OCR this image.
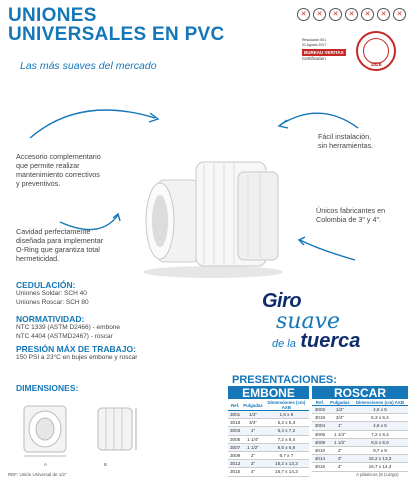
UNIONES
UNIVERSALES EN PVC
Las más suaves del mercado
✕	✕	✕	✕	✕	✕	✕
Resolución 501
01 Agosto 2017
BUREAU VERITAS
Certification
1828
Accesorio complementario
que permite realizar
mantenimiento correctivos
y preventivos.
Cavidad perfectamente
diseñada para implementar
O-Ring que garantiza total
hermeticidad.
Fácil instalación,
sin herramientas.
Únicos fabricantes en
Colombia de 3" y 4".
CEDULACIÓN:
Uniones Soldar: SCH 40
Uniones Roscar: SCH 80
NORMATIVIDAD:
NTC 1339 (ASTM D2466) - embone
NTC 4404 (ASTMD2467) - roscar
PRESIÓN MÁX DE TRABAJO:
150 PSI a 23°C en bujes embone y roscar
Giro
suave
de la tuerca
DIMENSIONES:
A	B
REF: Unión Universal de 1/2"
PRESENTACIONES:
EMBONE	ROSCAR
Ref.	Pulgadas	Dimensiones (cm) AXB
3001	1/2"	1,6 x 5
3018	3/4"	5,3 x 5,3
3003	1"	6,4 x 7,2
3005	1 1/4"	7,2 x 6,4
3007	1 1/2"	8,5 x 6,6
3009	2"	9,7 x 7
3013	3"	15,2 x 13,3
3015	4"	16,7 x 14,3
Ref.	Pulgadas	Dimensiones (cm) AXB
3002	1/2"	4,6 x 5
3019	3/4"	5,3 x 5,4
3004	1"	4,6 x 5
3006	1 1/4"	7,2 x 6,4
3008	1 1/2"	8,5 x 6,6
3010	2"	9,7 x 9
3014	3"	15,2 x 13,3
3016	4"	16,7 x 14,3
A plásticos (8 (Largo)
